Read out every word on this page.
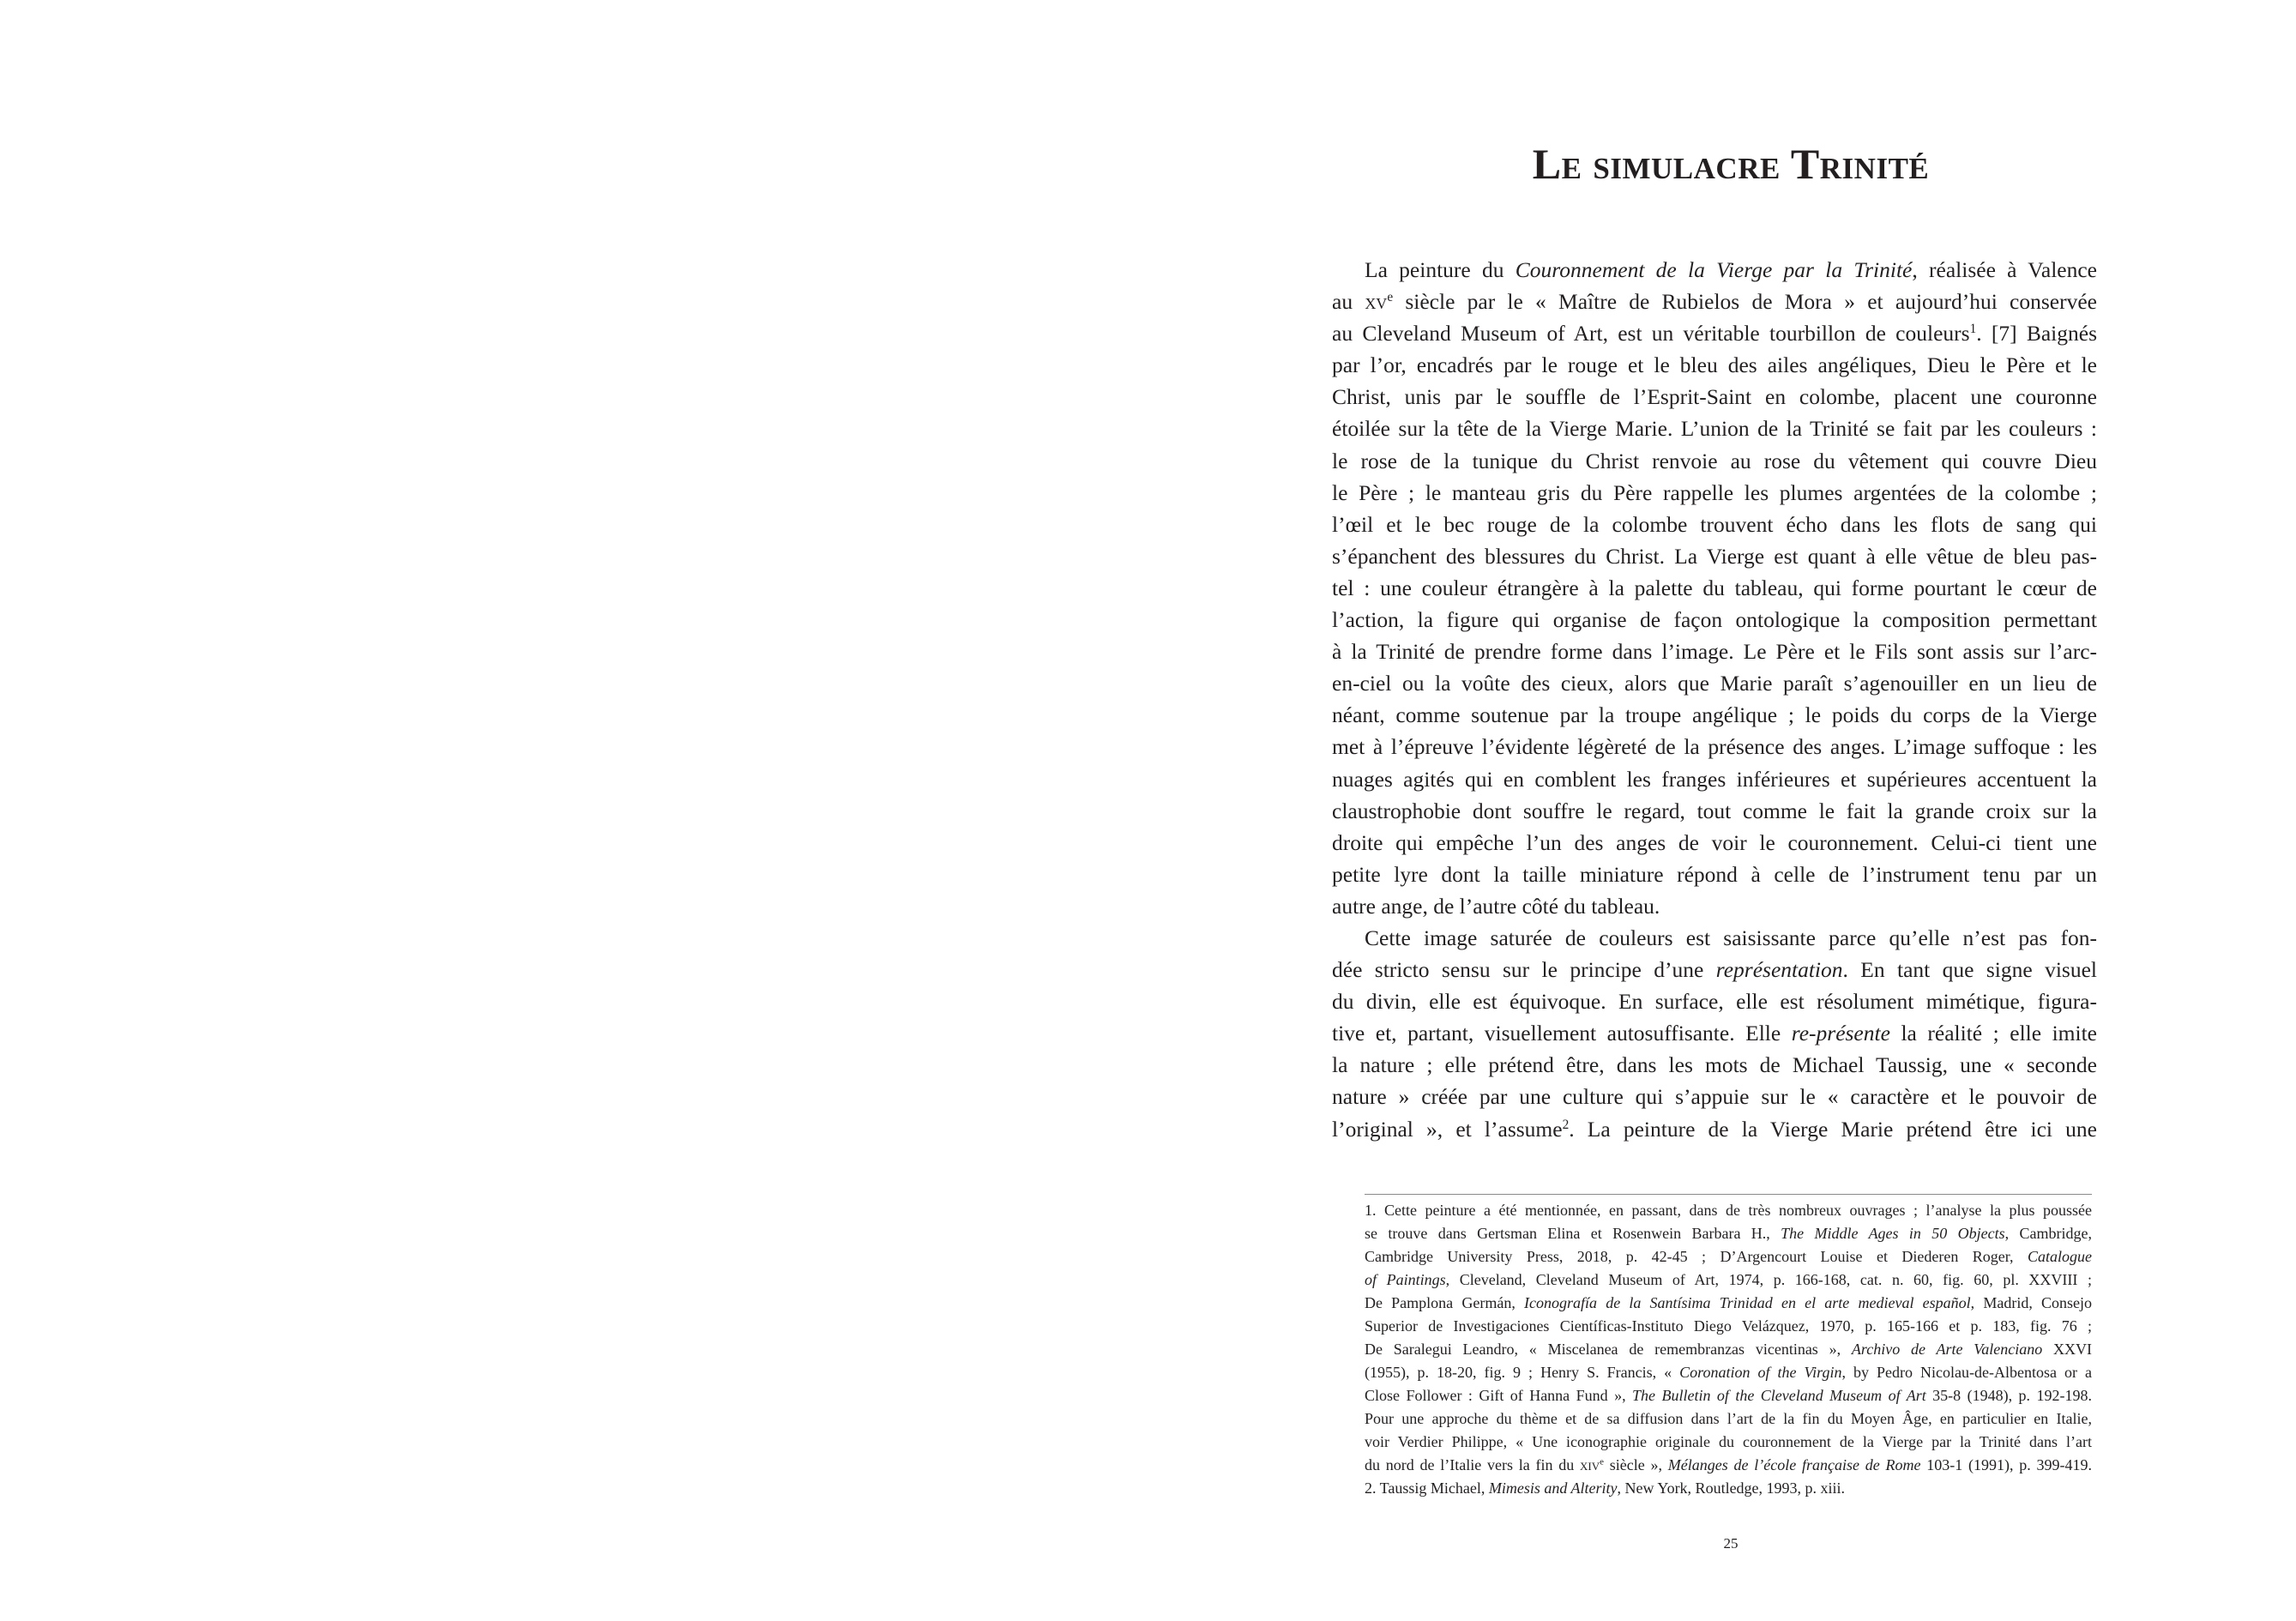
Le simulacre Trinité
La peinture du Couronnement de la Vierge par la Trinité, réalisée à Valence
au $xv^e$ siècle par le « Maître de Rubielos de Mora » et aujourd’hui conservée
au Cleveland Museum of Art, est un véritable tourbillon de couleurs$^1$. [7] Baignés
par l’or, encadrés par le rouge et le bleu des ailes angéliques, Dieu le Père et le
Christ, unis par le souffle de l’Esprit-Saint en colombe, placent une couronne
étoilée sur la tête de la Vierge Marie. L’union de la Trinité se fait par les couleurs :
le rose de la tunique du Christ renvoie au rose du vêtement qui couvre Dieu
le Père ; le manteau gris du Père rappelle les plumes argentées de la colombe ;
l’œil et le bec rouge de la colombe trouvent écho dans les flots de sang qui
s’épanchent des blessures du Christ. La Vierge est quant à elle vêtue de bleu pas-
tel : une couleur étrangère à la palette du tableau, qui forme pourtant le cœur de
l’action, la figure qui organise de façon ontologique la composition permettant
à la Trinité de prendre forme dans l’image. Le Père et le Fils sont assis sur l’arc-
en-ciel ou la voûte des cieux, alors que Marie paraît s’agenouiller en un lieu de
néant, comme soutenue par la troupe angélique ; le poids du corps de la Vierge
met à l’épreuve l’évidente légèreté de la présence des anges. L’image suffoque : les
nuages agités qui en comblent les franges inférieures et supérieures accentuent la
claustrophobie dont souffre le regard, tout comme le fait la grande croix sur la
droite qui empêche l’un des anges de voir le couronnement. Celui-ci tient une
petite lyre dont la taille miniature répond à celle de l’instrument tenu par un
autre ange, de l’autre côté du tableau.
Cette image saturée de couleurs est saisissante parce qu’elle n’est pas fon-
dée stricto sensu sur le principe d’une représentation. En tant que signe visuel
du divin, elle est équivoque. En surface, elle est résolument mimétique, figura-
tive et, partant, visuellement autosuffisante. Elle re-présente la réalité ; elle imite
la nature ; elle prétend être, dans les mots de Michael Taussig, une « seconde
nature » créée par une culture qui s’appuie sur le « caractère et le pouvoir de
l’original », et l’assume$^2$. La peinture de la Vierge Marie prétend être ici une
1. Cette peinture a été mentionnée, en passant, dans de très nombreux ouvrages ; l’analyse la plus poussée
se trouve dans Gertsman Elina et Rosenwein Barbara H., The Middle Ages in 50 Objects, Cambridge,
Cambridge University Press, 2018, p. 42-45 ; D’Argencourt Louise et Diederen Roger, Catalogue
of Paintings, Cleveland, Cleveland Museum of Art, 1974, p. 166-168, cat. n. 60, fig. 60, pl. XXVIII ;
De Pamplona Germán, Iconografía de la Santísima Trinidad en el arte medieval español, Madrid, Consejo
Superior de Investigaciones Científicas-Instituto Diego Velázquez, 1970, p. 165-166 et p. 183, fig. 76 ;
De Saralegui Leandro, « Miscelanea de remembranzas vicentinas », Archivo de Arte Valenciano XXVI
(1955), p. 18-20, fig. 9 ; Henry S. Francis, « Coronation of the Virgin, by Pedro Nicolau-de-Albentosa or a
Close Follower : Gift of Hanna Fund », The Bulletin of the Cleveland Museum of Art 35-8 (1948), p. 192-198.
Pour une approche du thème et de sa diffusion dans l’art de la fin du Moyen Âge, en particulier en Italie,
voir Verdier Philippe, « Une iconographie originale du couronnement de la Vierge par la Trinité dans l’art
du nord de l’Italie vers la fin du xiv$^e$ siècle », Mélanges de l’école française de Rome 103-1 (1991), p. 399-419.
2. Taussig Michael, Mimesis and Alterity, New York, Routledge, 1993, p. xiii.
25
